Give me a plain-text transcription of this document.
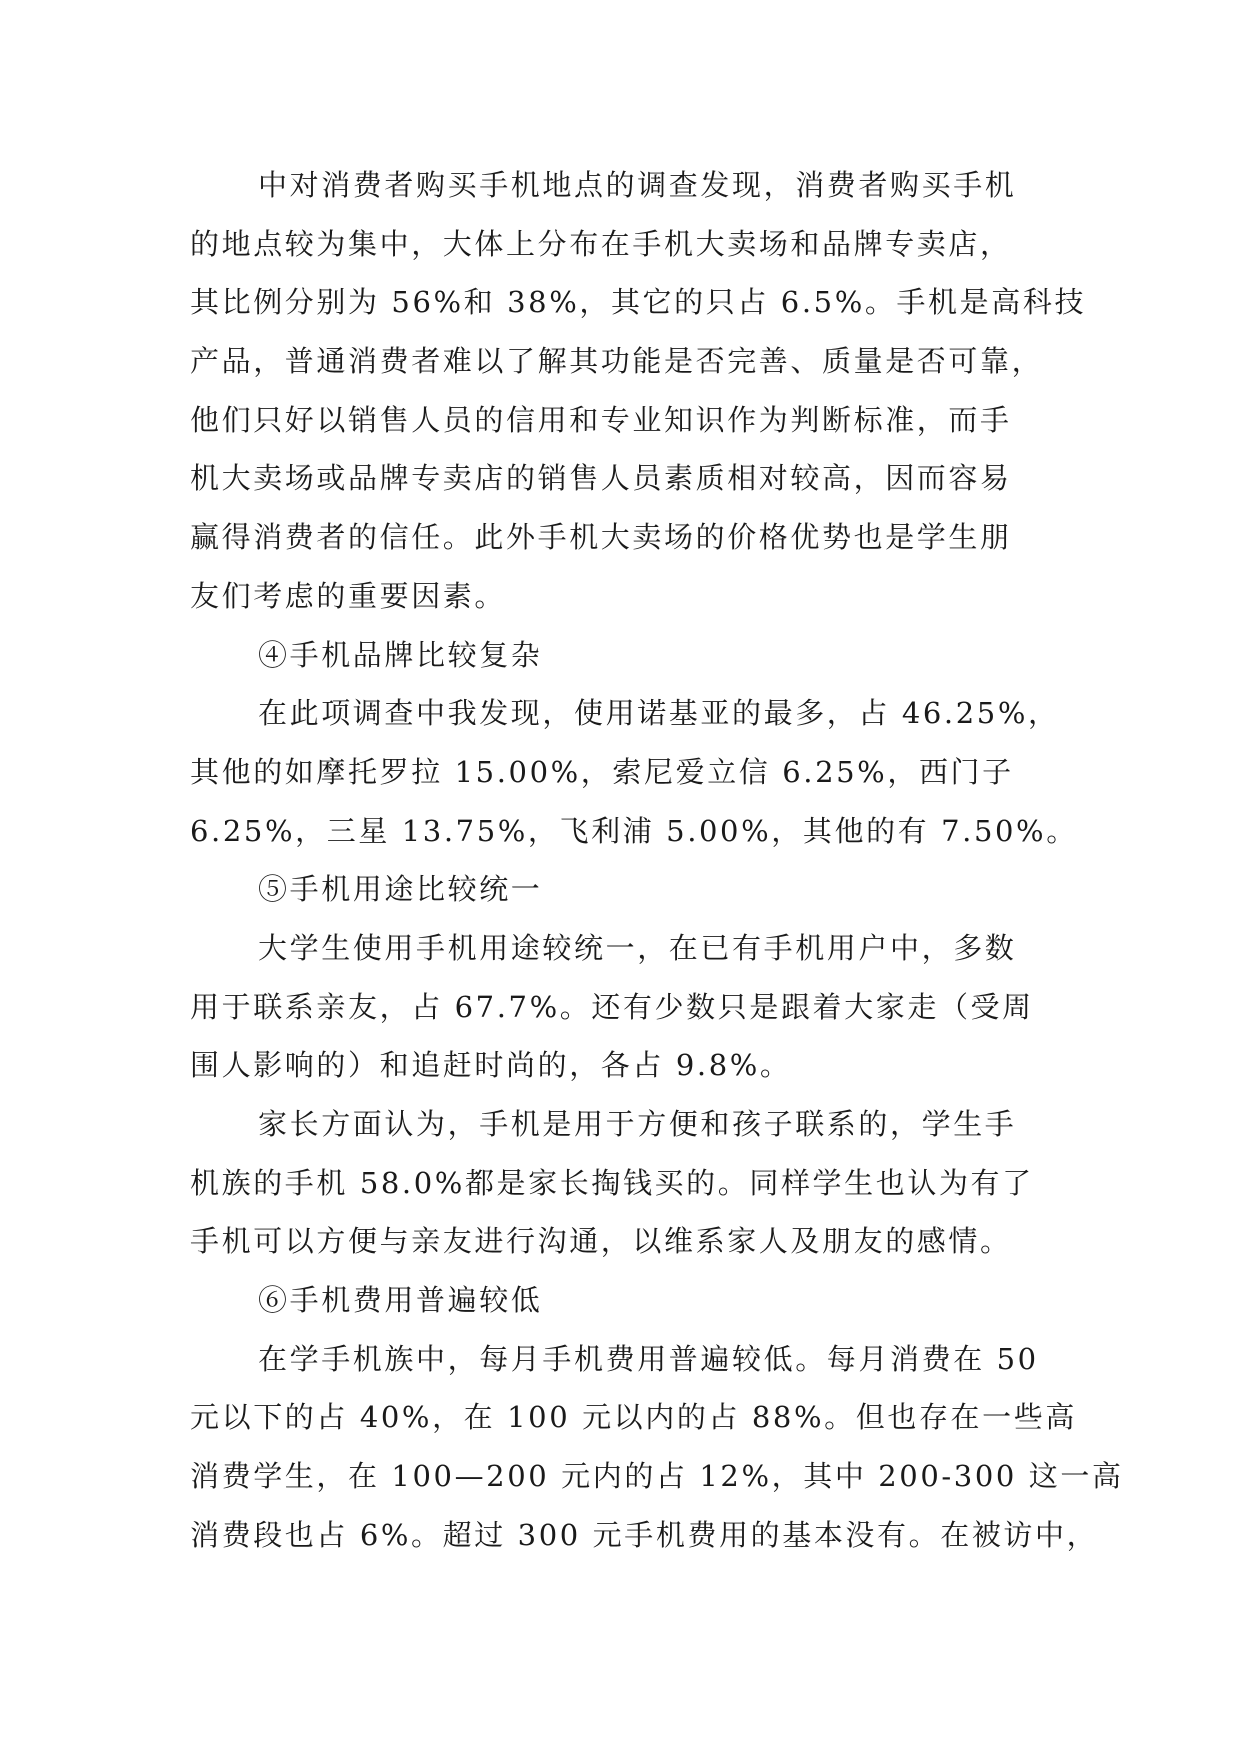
中对消费者购买手机地点的调查发现，消费者购买手机
的地点较为集中，大体上分布在手机大卖场和品牌专卖店，
其比例分别为 56%和 38%，其它的只占 6.5%。手机是高科技
产品，普通消费者难以了解其功能是否完善、质量是否可靠，
他们只好以销售人员的信用和专业知识作为判断标准，而手
机大卖场或品牌专卖店的销售人员素质相对较高，因而容易
赢得消费者的信任。此外手机大卖场的价格优势也是学生朋
友们考虑的重要因素。
④手机品牌比较复杂
在此项调查中我发现，使用诺基亚的最多，占 46.25%，
其他的如摩托罗拉 15.00%，索尼爱立信 6.25%，西门子
6.25%，三星 13.75%，飞利浦 5.00%，其他的有 7.50%。
⑤手机用途比较统一
大学生使用手机用途较统一，在已有手机用户中，多数
用于联系亲友，占 67.7%。还有少数只是跟着大家走（受周
围人影响的）和追赶时尚的，各占 9.8%。
家长方面认为，手机是用于方便和孩子联系的，学生手
机族的手机 58.0%都是家长掏钱买的。同样学生也认为有了
手机可以方便与亲友进行沟通，以维系家人及朋友的感情。
⑥手机费用普遍较低
在学手机族中，每月手机费用普遍较低。每月消费在 50
元以下的占 40%，在 100 元以内的占 88%。但也存在一些高
消费学生，在 100—200 元内的占 12%，其中 200-300 这一高
消费段也占 6%。超过 300 元手机费用的基本没有。在被访中，
